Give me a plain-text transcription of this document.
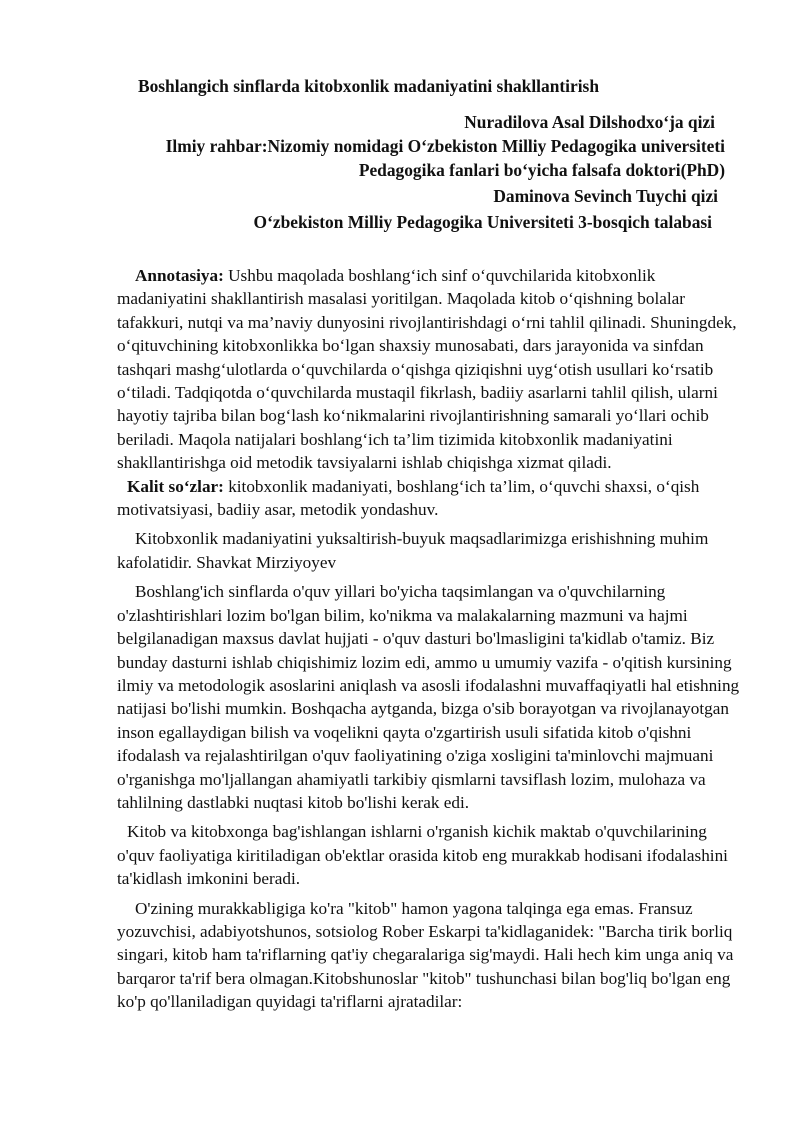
Boshlangich sinflarda kitobxonlik madaniyatini shakllantirish

Nuradilova Asal Dilshodxo‘ja qizi

Ilmiy rahbar:Nizomiy nomidagi O‘zbekiston Milliy Pedagogika universiteti

Pedagogika fanlari bo‘yicha falsafa doktori(PhD)

Daminova Sevinch Tuychi qizi

O‘zbekiston Milliy Pedagogika Universiteti 3-bosqich talabasi

Annotasiya: Ushbu maqolada boshlang‘ich sinf o‘quvchilarida kitobxonlik madaniyatini shakllantirish masalasi yoritilgan. Maqolada kitob o‘qishning bolalar tafakkuri, nutqi va ma’naviy dunyosini rivojlantirishdagi o‘rni tahlil qilinadi. Shuningdek, o‘qituvchining kitobxonlikka bo‘lgan shaxsiy munosabati, dars jarayonida va sinfdan tashqari mashg‘ulotlarda o‘quvchilarda o‘qishga qiziqishni uyg‘otish usullari ko‘rsatib o‘tiladi. Tadqiqotda o‘quvchilarda mustaqil fikrlash, badiiy asarlarni tahlil qilish, ularni hayotiy tajriba bilan bog‘lash ko‘nikmalarini rivojlantirishning samarali yo‘llari ochib beriladi. Maqola natijalari boshlang‘ich ta’lim tizimida kitobxonlik madaniyatini shakllantirishga oid metodik tavsiyalarni ishlab chiqishga xizmat qiladi.

Kalit so‘zlar: kitobxonlik madaniyati, boshlang‘ich ta’lim, o‘quvchi shaxsi, o‘qish motivatsiyasi, badiiy asar, metodik yondashuv.

Kitobxonlik madaniyatini yuksaltirish-buyuk maqsadlarimizga erishishning muhim kafolatidir. Shavkat Mirziyoyev

Boshlang'ich sinflarda o'quv yillari bo'yicha taqsimlangan va o'quvchilarning o'zlashtirishlari lozim bo'lgan bilim, ko'nikma va malakalarning mazmuni va hajmi belgilanadigan maxsus davlat hujjati - o'quv dasturi bo'lmasligini ta'kidlab o'tamiz. Biz bunday dasturni ishlab chiqishimiz lozim edi, ammo u umumiy vazifa - o'qitish kursining ilmiy va metodologik asoslarini aniqlash va asosli ifodalashni muvaffaqiyatli hal etishning natijasi bo'lishi mumkin. Boshqacha aytganda, bizga o'sib borayotgan va rivojlanayotgan inson egallaydigan bilish va voqelikni qayta o'zgartirish usuli sifatida kitob o'qishni ifodalash va rejalashtirilgan o'quv faoliyatining o'ziga xosligini ta'minlovchi majmuani o'rganishga mo'ljallangan ahamiyatli tarkibiy qismlarni tavsiflash lozim, mulohaza va tahlilning dastlabki nuqtasi kitob bo'lishi kerak edi.

Kitob va kitobxonga bag'ishlangan ishlarni o'rganish kichik maktab o'quvchilarining o'quv faoliyatiga kiritiladigan ob'ektlar orasida kitob eng murakkab hodisani ifodalashini ta'kidlash imkonini beradi.

O'zining murakkabligiga ko'ra "kitob" hamon yagona talqinga ega emas. Fransuz yozuvchisi, adabiyotshunos, sotsiolog Rober Eskarpi ta'kidlaganidek: "Barcha tirik borliq singari, kitob ham ta'riflarning qat'iy chegaralariga sig'maydi. Hali hech kim unga aniq va barqaror ta'rif bera olmagan.Kitobshunoslar "kitob" tushunchasi bilan bog'liq bo'lgan eng ko'p qo'llaniladigan quyidagi ta'riflarni ajratadilar:
